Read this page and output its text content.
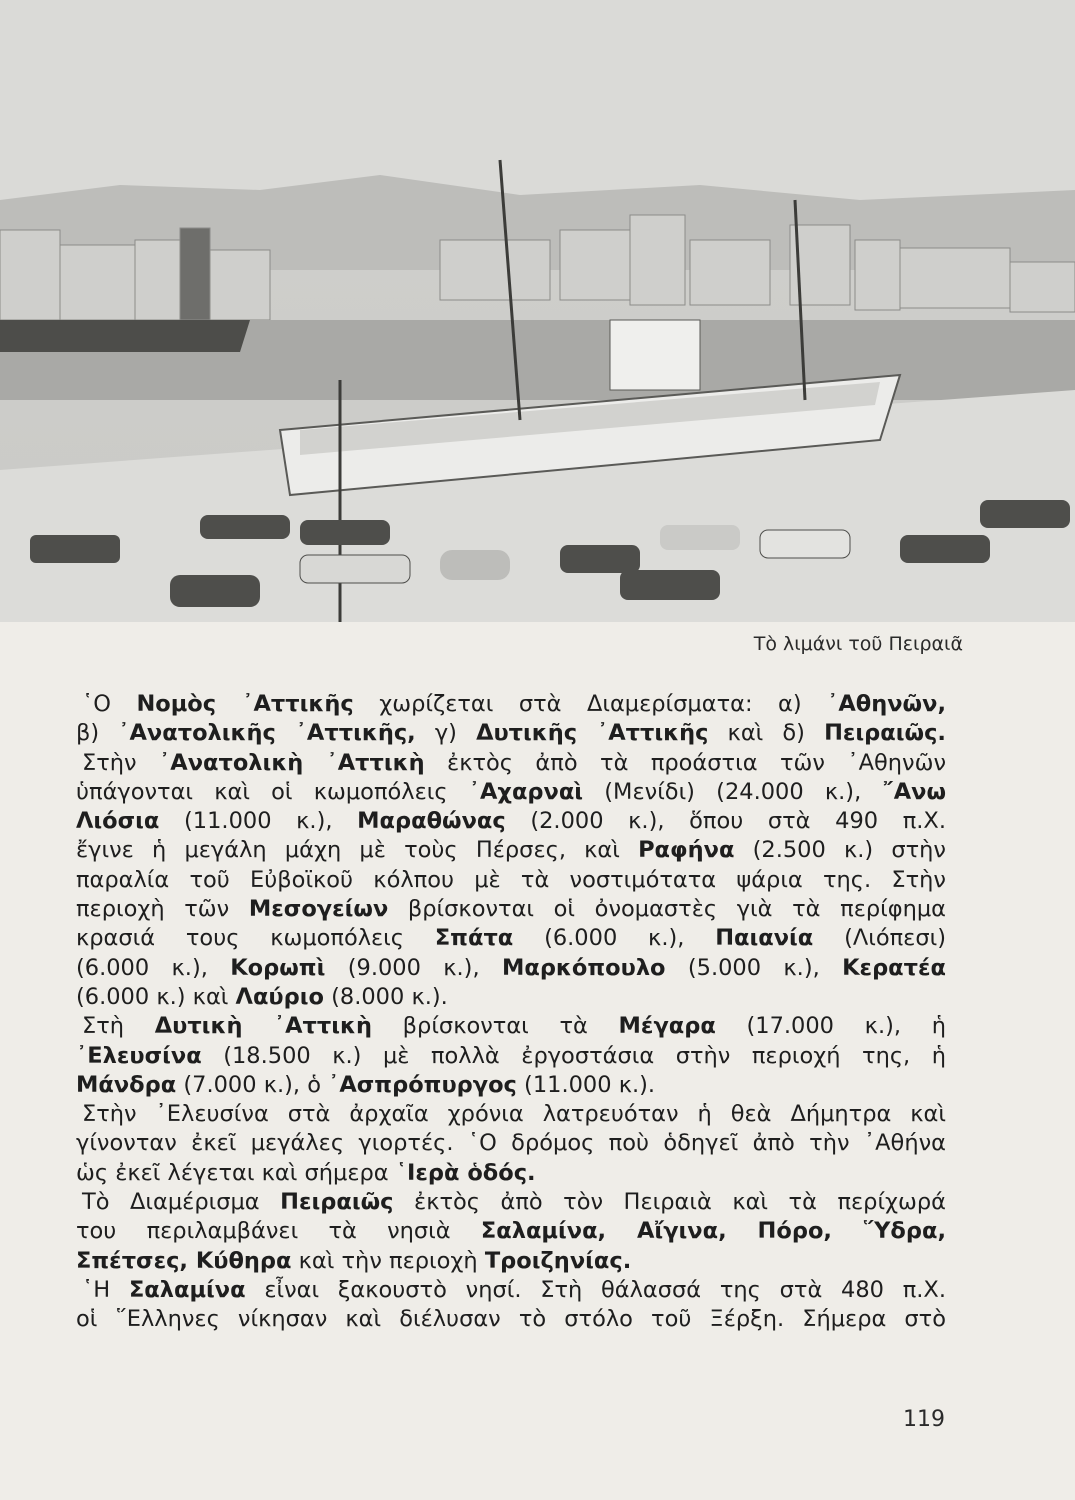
Τὸ λιμάνι τοῦ Πειραιᾶ
῾Ο Νομὸς ᾿Αττικῆς χωρίζεται στὰ Διαμερίσματα: α) ᾿Αθηνῶν,
β) ᾿Ανατολικῆς ᾿Αττικῆς, γ) Δυτικῆς ᾿Αττικῆς καὶ δ) Πειραιῶς.
Στὴν ᾿Ανατολικὴ ᾿Αττικὴ ἐκτὸς ἀπὸ τὰ προάστια τῶν ᾿Αθηνῶν
ὑπάγονται καὶ οἱ κωμοπόλεις ᾿Αχαρναὶ (Μενίδι) (24.000 κ.), ῎Ανω
Λιόσια (11.000 κ.), Μαραθώνας (2.000 κ.), ὅπου στὰ 490 π.Χ.
ἔγινε ἡ μεγάλη μάχη μὲ τοὺς Πέρσες, καὶ Ραφήνα (2.500 κ.) στὴν
παραλία τοῦ Εὐβοϊκοῦ κόλπου μὲ τὰ νοστιμότατα ψάρια της. Στὴν
περιοχὴ τῶν Μεσογείων βρίσκονται οἱ ὀνομαστὲς γιὰ τὰ περίφημα
κρασιά τους κωμοπόλεις Σπάτα (6.000 κ.), Παιανία (Λιόπεσι)
(6.000 κ.), Κορωπὶ (9.000 κ.), Μαρκόπουλο (5.000 κ.), Κερατέα
(6.000 κ.) καὶ Λαύριο (8.000 κ.).
Στὴ Δυτικὴ ᾿Αττικὴ βρίσκονται τὰ Μέγαρα (17.000 κ.), ἡ
᾿Ελευσίνα (18.500 κ.) μὲ πολλὰ ἐργοστάσια στὴν περιοχή της, ἡ
Μάνδρα (7.000 κ.), ὁ ᾿Ασπρόπυργος (11.000 κ.).
Στὴν ᾿Ελευσίνα στὰ ἀρχαῖα χρόνια λατρευόταν ἡ θεὰ Δήμητρα καὶ
γίνονταν ἐκεῖ μεγάλες γιορτές. ῾Ο δρόμος ποὺ ὁδηγεῖ ἀπὸ τὴν ᾿Αθήνα
ὡς ἐκεῖ λέγεται καὶ σήμερα ῾Ιερὰ ὁδός.
Τὸ Διαμέρισμα Πειραιῶς ἐκτὸς ἀπὸ τὸν Πειραιὰ καὶ τὰ περίχωρά
του περιλαμβάνει τὰ νησιὰ Σαλαμίνα, Αἴγινα, Πόρο, ῞Υδρα,
Σπέτσες, Κύθηρα καὶ τὴν περιοχὴ Τροιζηνίας.
῾Η Σαλαμίνα εἶναι ξακουστὸ νησί. Στὴ θάλασσά της στὰ 480 π.Χ.
οἱ ῞Ελληνες νίκησαν καὶ διέλυσαν τὸ στόλο τοῦ Ξέρξη. Σήμερα στὸ
119
